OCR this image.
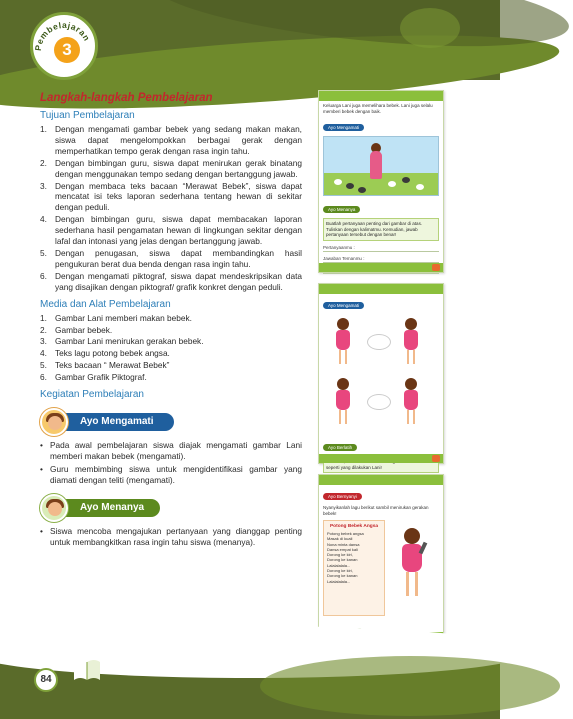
Pembelajaran
3
Langkah-langkah Pembelajaran
Tujuan Pembelajaran
1. Dengan mengamati gambar bebek yang sedang makan makan, siswa dapat mengelompokkan berbagai gerak dengan memperhatikan tempo gerak dengan rasa ingin tahu.
2. Dengan bimbingan guru, siswa dapat menirukan gerak binatang dengan menggunakan tempo sedang dengan bertanggung jawab.
3. Dengan membaca teks bacaan “Merawat Bebek”, siswa dapat mencatat isi teks laporan sederhana tentang hewan di sekitar dengan peduli.
4. Dengan bimbingan guru, siswa dapat membacakan laporan sederhana hasil pengamatan hewan di lingkungan sekitar dengan lafal dan intonasi yang jelas dengan bertanggung jawab.
5. Dengan penugasan, siswa dapat membandingkan hasil pengukuran berat dua benda dengan rasa ingin tahu.
6. Dengan mengamati piktograf, siswa dapat mendeskripsikan data yang disajikan dengan piktograf/ grafik konkret dengan peduli.
Media dan Alat Pembelajaran
1. Gambar Lani memberi makan bebek.
2. Gambar bebek.
3. Gambar Lani menirukan gerakan bebek.
4. Teks lagu potong bebek angsa.
5. Teks bacaan “ Merawat Bebek”
6. Gambar Grafik Piktograf.
Kegiatan Pembelajaran
Ayo Mengamati
• Pada awal pembelajaran siswa diajak mengamati gambar Lani memberi makan bebek (mengamati).
• Guru membimbing siswa untuk mengidentifikasi gambar yang diamati dengan teliti (mengamati).
Ayo Menanya
• Siswa mencoba mengajukan pertanyaan yang dianggap penting untuk membangkitkan rasa ingin tahu siswa (menanya).
Keluarga Lani juga memelihara bebek. Lani juga selalu memberi bebek dengan baik.
Ayo Mengamati
Ayo Menanya
Buatlah pertanyaan penting dari gambar di atas. Tuliskan dengan kalimatmu. Kemudian, jawab pertanyaan tersebut dengan benar!
Pertanyaanmu :
Jawaban Temanmu :
Ayo Mengamati
Ayo Berlatih
seperti yang dilakukan Lani!
Ayo Bernyanyi
Nyanyikanlah lagu berikut sambil menirukan gerakan bebek!
Potong Bebek Angsa
Potong bebek angsa
Masak di kuali
Nona minta dansa
Dansa empat kali
Dorong ke kiri,
Dorong ke kanan
Lalalalalala...
Dorong ke kiri,
Dorong ke kanan
Lalalalalala...
84
Buku Guru Kelas II SD/MI
